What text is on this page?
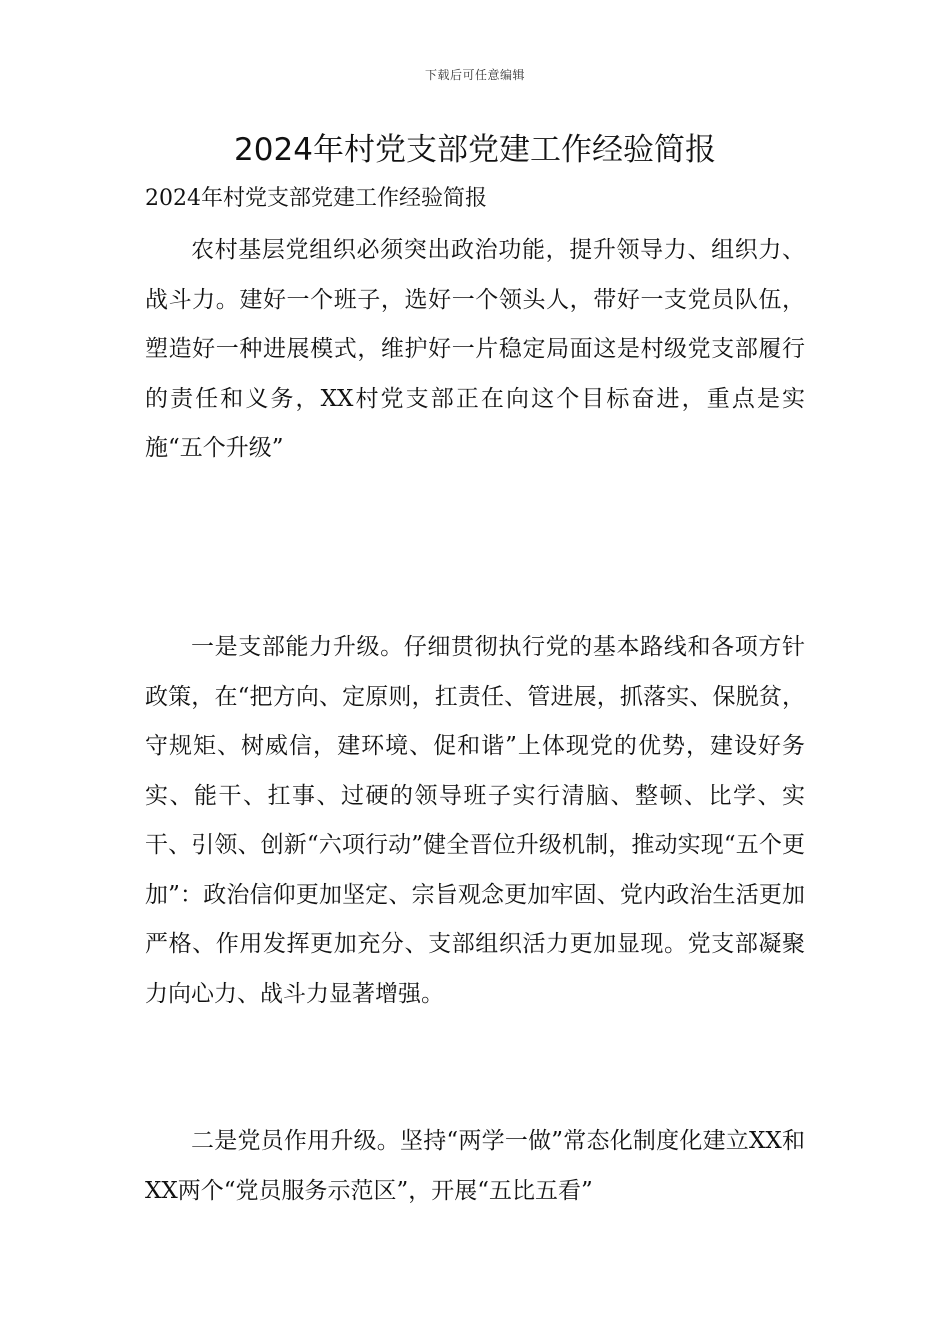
下载后可任意编辑
2024年村党支部党建工作经验简报
2024年村党支部党建工作经验简报

农村基层党组织必须突出政治功能，提升领导力、组织力、战斗力。建好一个班子，选好一个领头人，带好一支党员队伍，塑造好一种进展模式，维护好一片稳定局面这是村级党支部履行的责任和义务，XX村党支部正在向这个目标奋进，重点是实施“五个升级”

一是支部能力升级。仔细贯彻执行党的基本路线和各项方针政策，在“把方向、定原则，扛责任、管进展，抓落实、保脱贫，守规矩、树威信，建环境、促和谐”上体现党的优势，建设好务实、能干、扛事、过硬的领导班子实行清脑、整顿、比学、实干、引领、创新“六项行动”健全晋位升级机制，推动实现“五个更加”：政治信仰更加坚定、宗旨观念更加牢固、党内政治生活更加严格、作用发挥更加充分、支部组织活力更加显现。党支部凝聚力向心力、战斗力显著增强。

二是党员作用升级。坚持“两学一做”常态化制度化建立XX和XX两个“党员服务示范区”，开展“五比五看”
